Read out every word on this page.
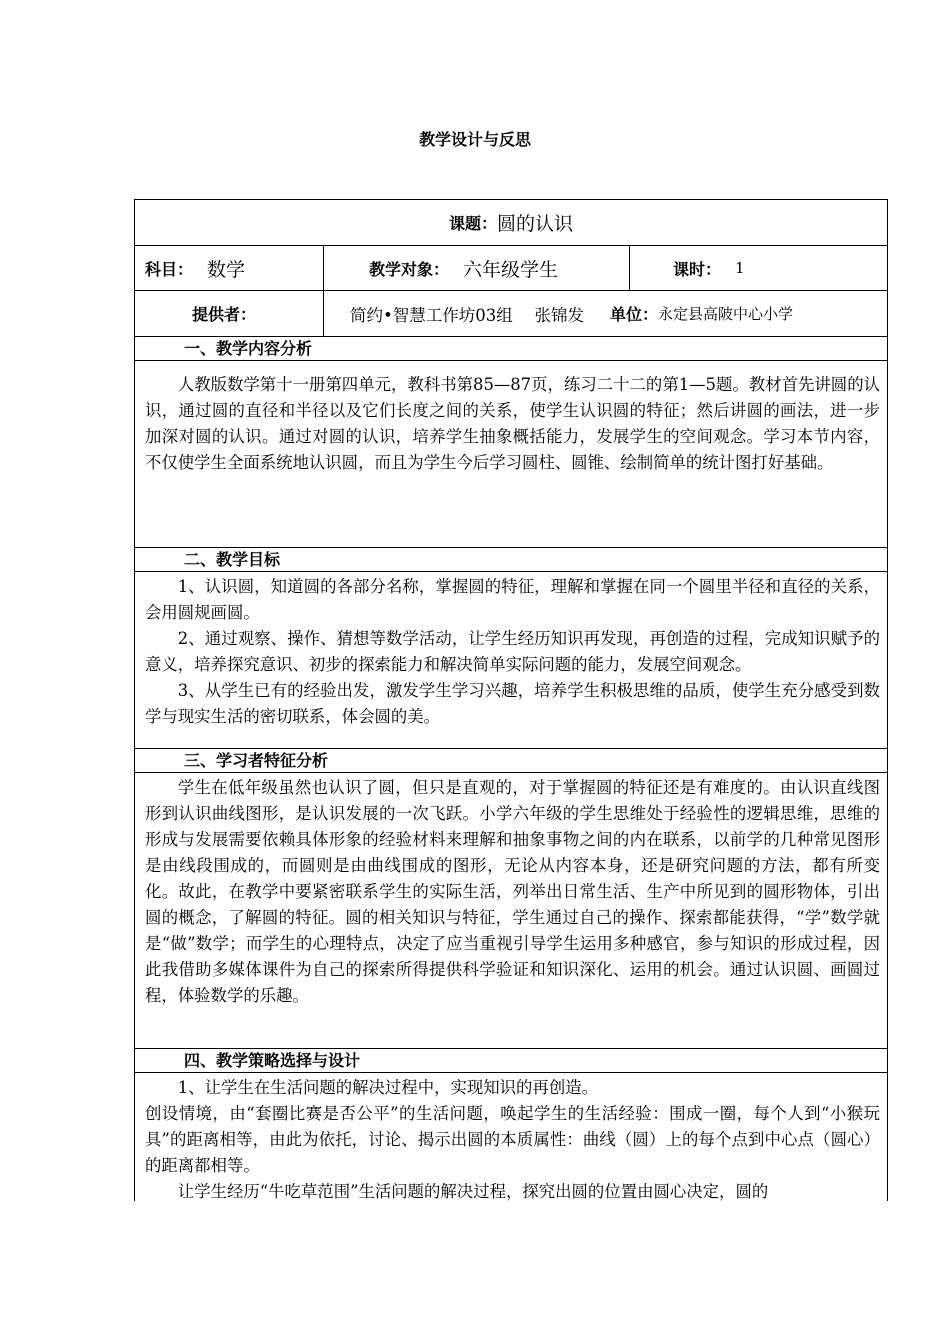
教学设计与反思
课题： 圆的认识
科目： 数学	教学对象： 六年级学生	课时： 1
提供者：	简约•智慧工作坊03组　 张锦发 单位： 永定县高陂中心小学
一、教学内容分析

人教版数学第十一册第四单元，教科书第85—87页，练习二十二的第1—5题。教材首先讲圆的认识，通过圆的直径和半径以及它们长度之间的关系，使学生认识圆的特征；然后讲圆的画法，进一步加深对圆的认识。通过对圆的认识，培养学生抽象概括能力，发展学生的空间观念。学习本节内容，不仅使学生全面系统地认识圆，而且为学生今后学习圆柱、圆锥、绘制简单的统计图打好基础。

二、教学目标

1、认识圆，知道圆的各部分名称，掌握圆的特征，理解和掌握在同一个圆里半径和直径的关系，会用圆规画圆。

2、通过观察、操作、猜想等数学活动，让学生经历知识再发现，再创造的过程，完成知识赋予的意义，培养探究意识、初步的探索能力和解决简单实际问题的能力，发展空间观念。

3、从学生已有的经验出发，激发学生学习兴趣，培养学生积极思维的品质，使学生充分感受到数学与现实生活的密切联系，体会圆的美。

三、学习者特征分析

学生在低年级虽然也认识了圆，但只是直观的，对于掌握圆的特征还是有难度的。由认识直线图形到认识曲线图形，是认识发展的一次飞跃。小学六年级的学生思维处于经验性的逻辑思维，思维的形成与发展需要依赖具体形象的经验材料来理解和抽象事物之间的内在联系，以前学的几种常见图形是由线段围成的，而圆则是由曲线围成的图形，无论从内容本身，还是研究问题的方法，都有所变化。故此，在教学中要紧密联系学生的实际生活，列举出日常生活、生产中所见到的圆形物体，引出圆的概念，了解圆的特征。圆的相关知识与特征，学生通过自己的操作、探索都能获得，“学”数学就是“做”数学；而学生的心理特点，决定了应当重视引导学生运用多种感官，参与知识的形成过程，因此我借助多媒体课件为自己的探索所得提供科学验证和知识深化、运用的机会。通过认识圆、画圆过程，体验数学的乐趣。

四、教学策略选择与设计

1、让学生在生活问题的解决过程中，实现知识的再创造。

创设情境，由“套圈比赛是否公平”的生活问题，唤起学生的生活经验：围成一圈，每个人到“小猴玩具”的距离相等，由此为依托，讨论、揭示出圆的本质属性：曲线（圆）上的每个点到中心点（圆心）的距离都相等。

让学生经历“牛吃草范围”生活问题的解决过程，探究出圆的位置由圆心决定，圆的
